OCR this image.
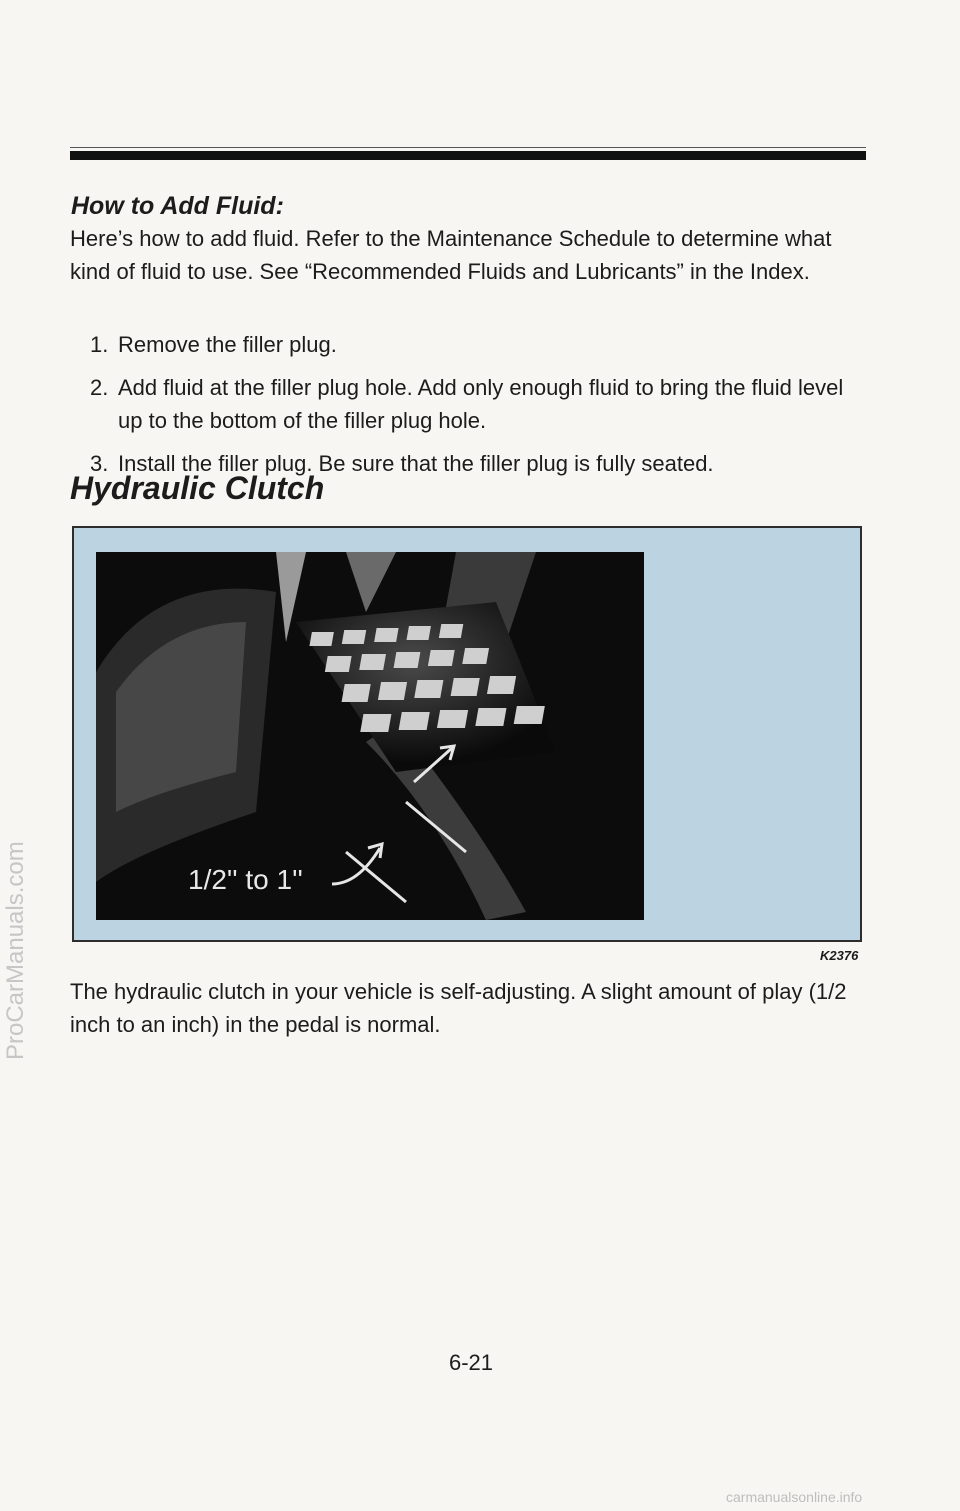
How to Add Fluid:

Here’s how to add fluid. Refer to the Maintenance Schedule to determine what kind of fluid to use. See “Recommended Fluids and Lubricants” in the Index.

1. Remove the filler plug.
2. Add fluid at the filler plug hole. Add only enough fluid to bring the fluid level up to the bottom of the filler plug hole.
3. Install the filler plug. Be sure that the filler plug is fully seated.
Hydraulic Clutch
1/2'' to 1''
K2376

The hydraulic clutch in your vehicle is self-adjusting. A slight amount of play (1/2 inch to an inch) in the pedal is normal.

6-21
ProCarManuals.com
carmanualsonline.info
